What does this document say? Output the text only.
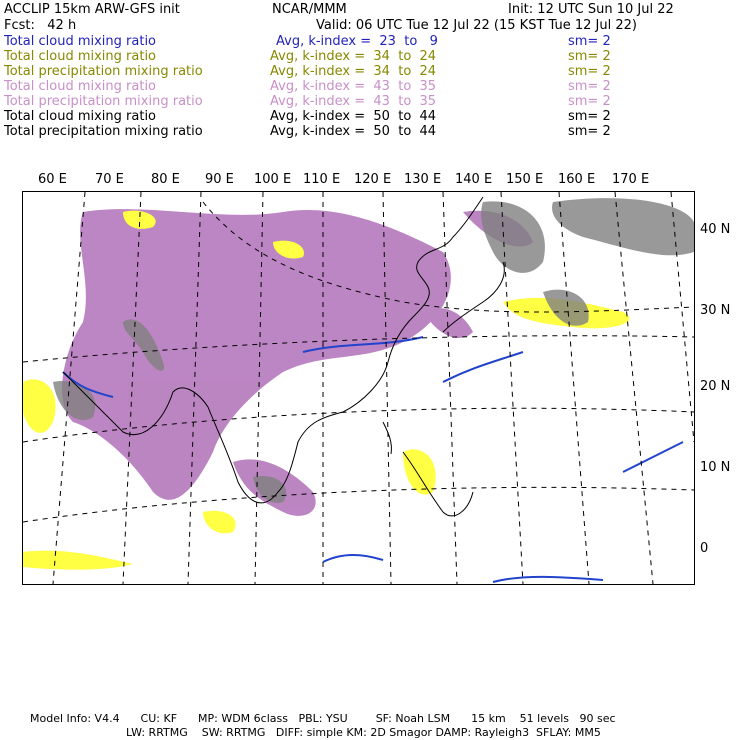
ACCLIP 15km ARW-GFS init	NCAR/MMM	Init: 12 UTC Sun 10 Jul 22
Fcst:   42 h	Valid: 06 UTC Tue 12 Jul 22 (15 KST Tue 12 Jul 22)
Total cloud mixing ratio	Avg, k-index =  23  to   9	sm= 2
Total cloud mixing ratio	Avg, k-index =  34  to  24	sm= 2
Total precipitation mixing ratio	Avg, k-index =  34  to  24	sm= 2
Total cloud mixing ratio	Avg, k-index =  43  to  35	sm= 2
Total precipitation mixing ratio	Avg, k-index =  43  to  35	sm= 2
Total cloud mixing ratio	Avg, k-index =  50  to  44	sm= 2
Total precipitation mixing ratio	Avg, k-index =  50  to  44	sm= 2
60 E 70 E 80 E 90 E 100 E 110 E 120 E 130 E 140 E 150 E 160 E 170 E
40 N
30 N
20 N
10 N
0
Model Info: V4.4      CU: KF      MP: WDM 6class   PBL: YSU        SF: Noah LSM      15 km    51 levels   90 sec
LW: RRTMG    SW: RRTMG   DIFF: simple KM: 2D Smagor DAMP: Rayleigh3  SFLAY: MM5
